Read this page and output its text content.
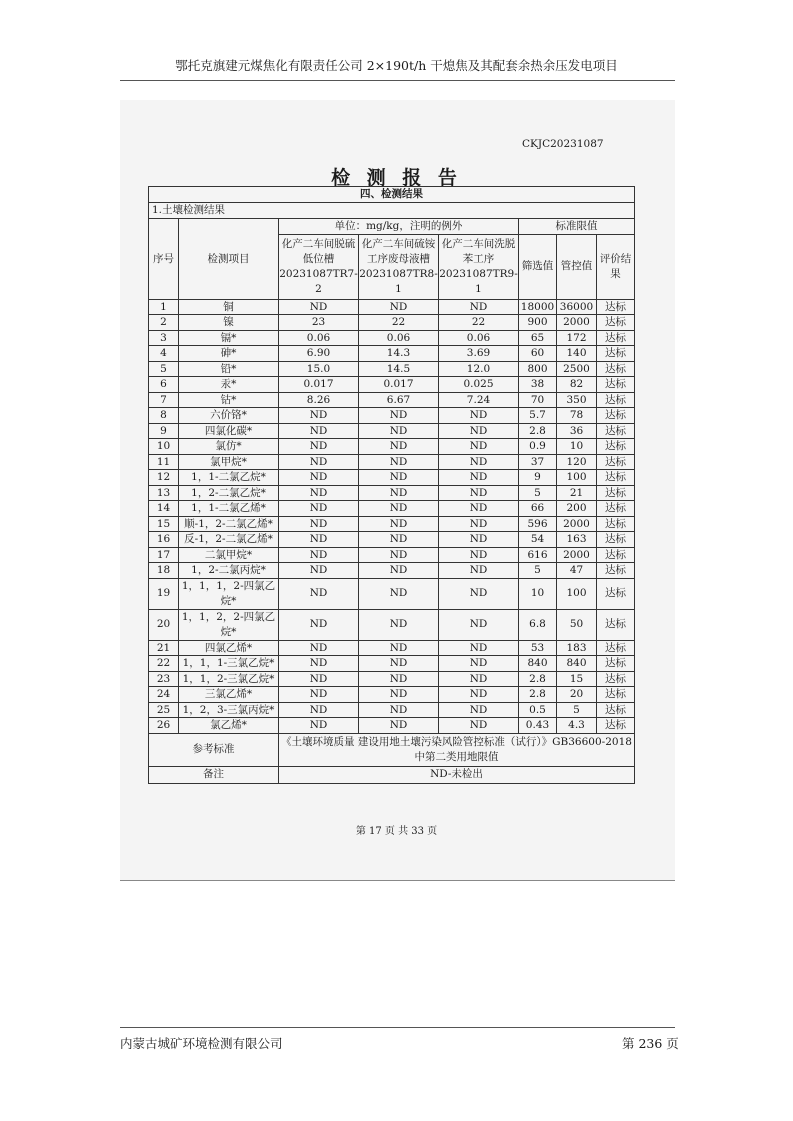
鄂托克旗建元煤焦化有限责任公司 2×190t/h 干熄焦及其配套余热余压发电项目
CKJC20231087
检 测 报 告
四、检测结果							
1.土壤检测结果							
序号	检测项目	单位：mg/kg，注明的例外			标准限值		
		化产二车间脱硫低位槽20231087TR7-2	化产二车间硫铵工序废母液槽20231087TR8-1	化产二车间洗脱苯工序20231087TR9-1	筛选值	管控值	评价结果
1	铜	ND	ND	ND	18000	36000	达标
2	镍	23	22	22	900	2000	达标
3	镉*	0.06	0.06	0.06	65	172	达标
4	砷*	6.90	14.3	3.69	60	140	达标
5	铅*	15.0	14.5	12.0	800	2500	达标
6	汞*	0.017	0.017	0.025	38	82	达标
7	钴*	8.26	6.67	7.24	70	350	达标
8	六价铬*	ND	ND	ND	5.7	78	达标
9	四氯化碳*	ND	ND	ND	2.8	36	达标
10	氯仿*	ND	ND	ND	0.9	10	达标
11	氯甲烷*	ND	ND	ND	37	120	达标
12	1，1-二氯乙烷*	ND	ND	ND	9	100	达标
13	1，2-二氯乙烷*	ND	ND	ND	5	21	达标
14	1，1-二氯乙烯*	ND	ND	ND	66	200	达标
15	顺-1，2-二氯乙烯*	ND	ND	ND	596	2000	达标
16	反-1，2-二氯乙烯*	ND	ND	ND	54	163	达标
17	二氯甲烷*	ND	ND	ND	616	2000	达标
18	1，2-二氯丙烷*	ND	ND	ND	5	47	达标
19	1，1，1，2-四氯乙烷*	ND	ND	ND	10	100	达标
20	1，1，2，2-四氯乙烷*	ND	ND	ND	6.8	50	达标
21	四氯乙烯*	ND	ND	ND	53	183	达标
22	1，1，1-三氯乙烷*	ND	ND	ND	840	840	达标
23	1，1，2-三氯乙烷*	ND	ND	ND	2.8	15	达标
24	三氯乙烯*	ND	ND	ND	2.8	20	达标
25	1，2，3-三氯丙烷*	ND	ND	ND	0.5	5	达标
26	氯乙烯*	ND	ND	ND	0.43	4.3	达标
参考标准		《土壤环境质量 建设用地土壤污染风险管控标准（试行）》GB36600-2018 中第二类用地限值					
备注		ND-未检出					
第 17 页 共 33 页
内蒙古城矿环境检测有限公司	第 236 页
